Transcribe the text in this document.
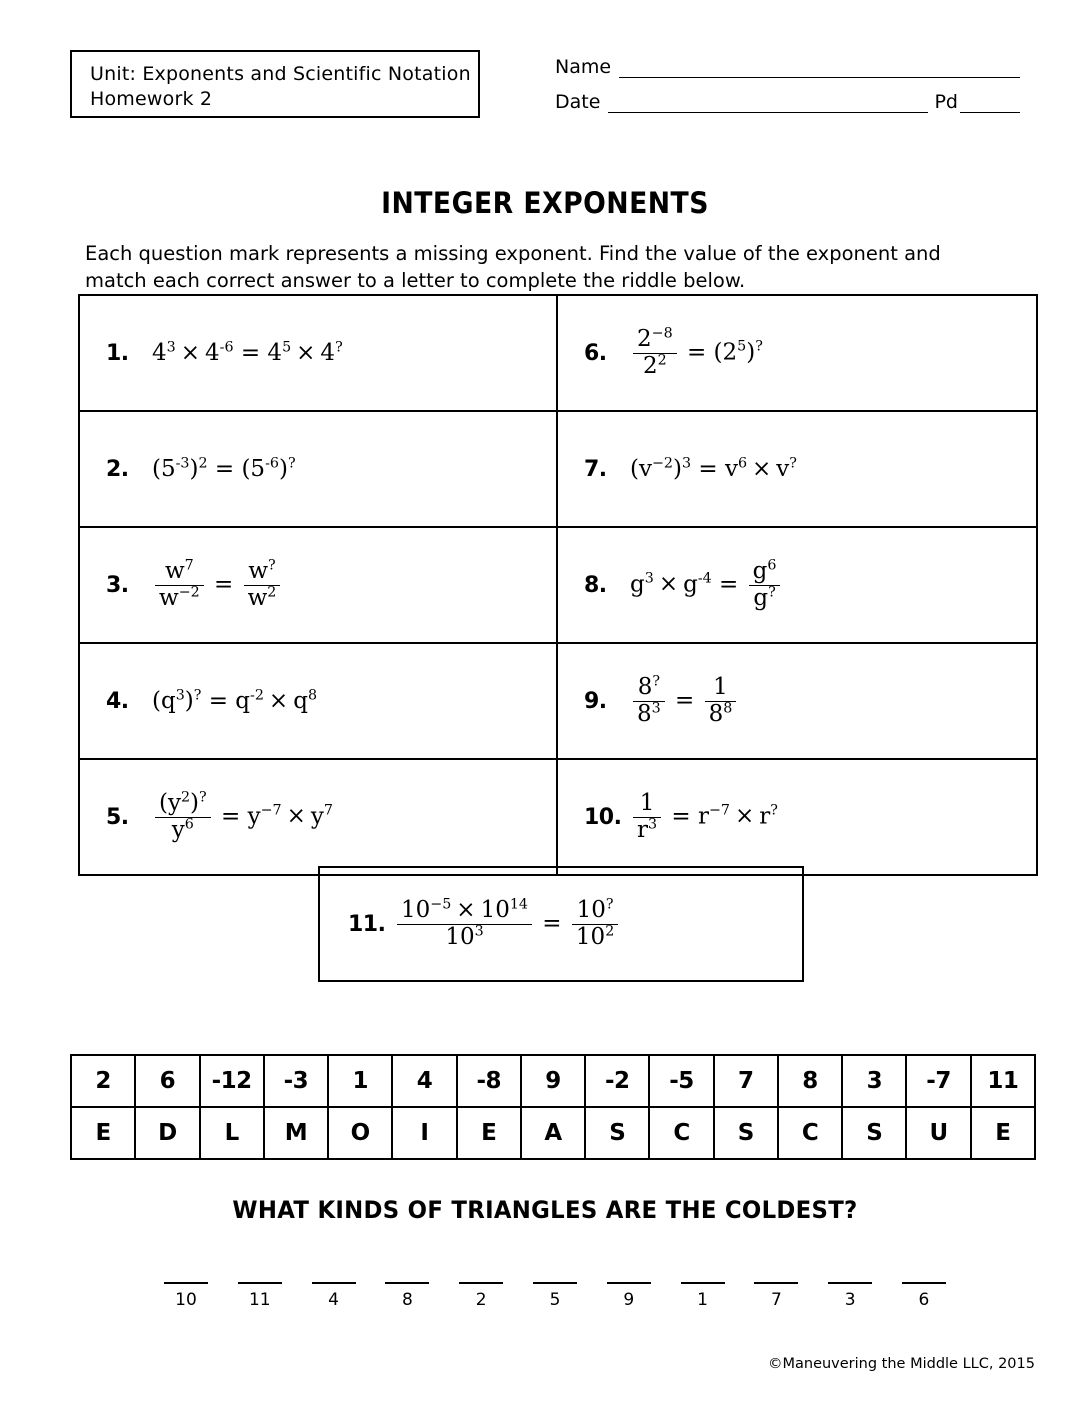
Unit: Exponents and Scientific Notation
Homework 2
Name
Date	Pd
INTEGER EXPONENTS
Each question mark represents a missing exponent. Find the value of the exponent and match each correct answer to a letter to complete the riddle below.
1.	$4^3 \times 4^{-6} = 4^5 \times 4^?$	6.	$\frac{2^{-8}}{2^2} = (2^5)^?$
2.	$(5^{-3})^2 = (5^{-6})^?$	7.	$(v^{-2})^3 = v^6 \times v^?$
3.	$\frac{w^7}{w^{-2}} = \frac{w^?}{w^2}$	8.	$g^3 \times g^{-4} = \frac{g^6}{g^?}$
4.	$(q^3)^? = q^{-2} \times q^8$	9.	$\frac{8^?}{8^3} = \frac{1}{8^8}$
5.	$\frac{(y^2)^?}{y^6} = y^{-7} \times y^7$	10. $\frac{1}{r^3} = r^{-7} \times r^?$
11. $\frac{10^{-5} \times 10^{14}}{10^3} = \frac{10^?}{10^2}$
2	6	-12	-3	1	4	-8	9	-2	-5	7	8	3	-7	11
E	D	L	M	O	I	E	A	S	C	S	C	S	U	E
WHAT KINDS OF TRIANGLES ARE THE COLDEST?
10	11	4	8	2	5	9	1	7	3	6
©Maneuvering the Middle LLC, 2015
